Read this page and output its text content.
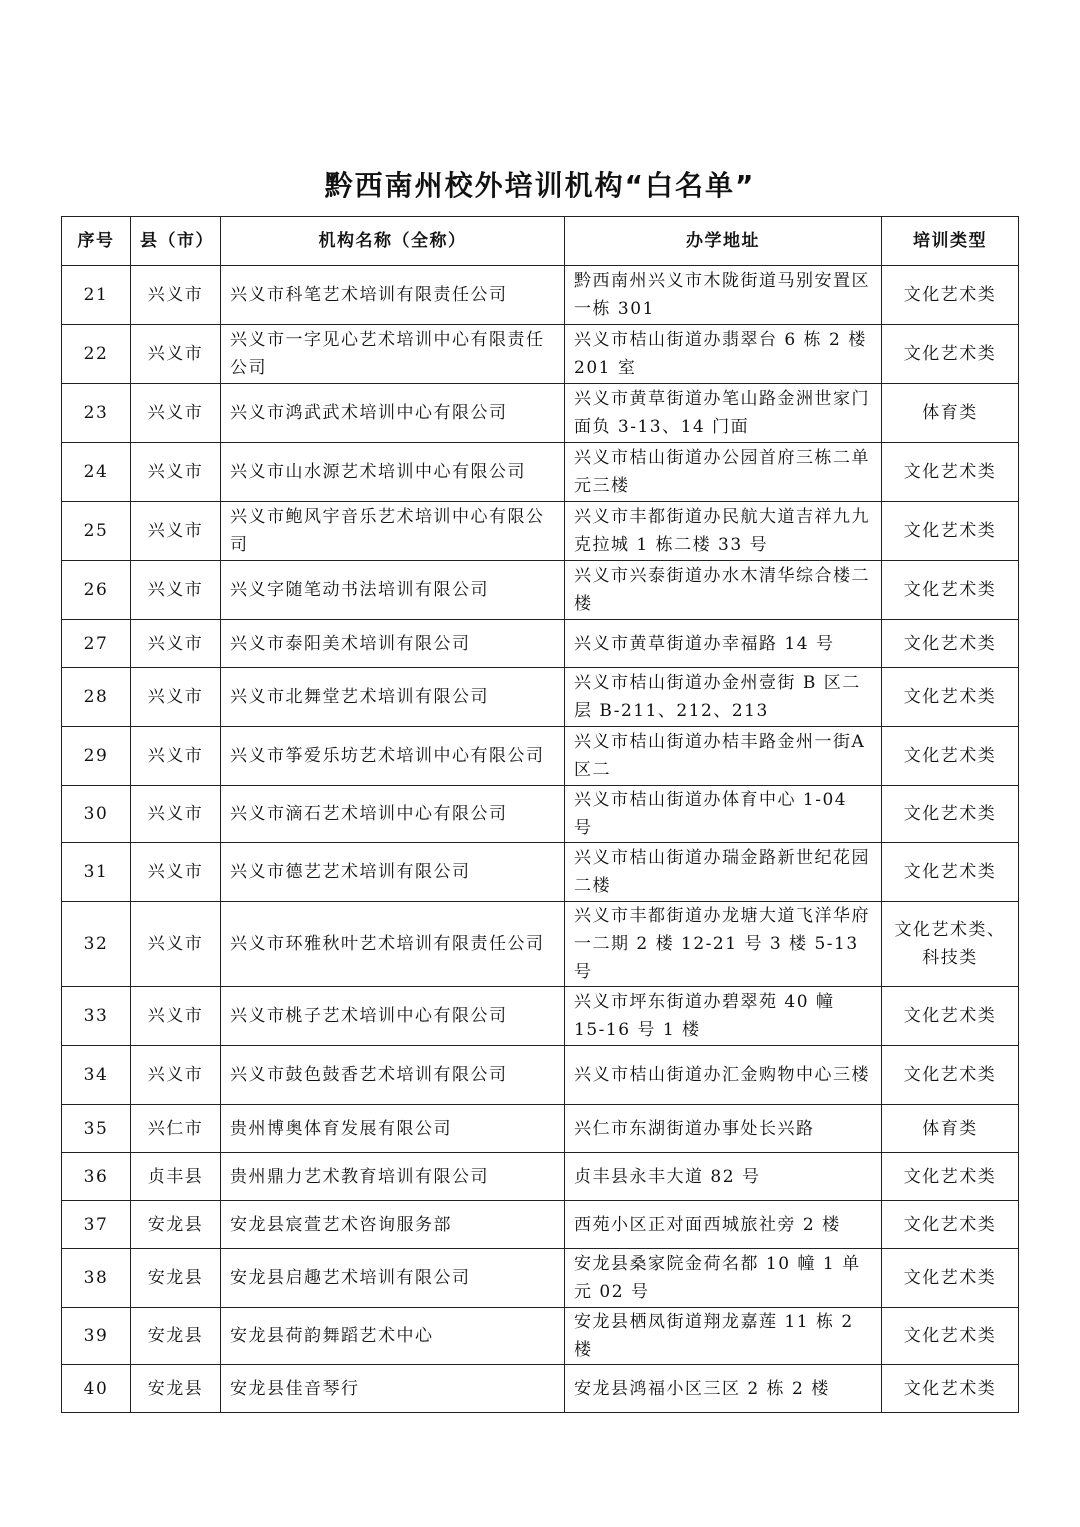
黔西南州校外培训机构“白名单”
序号	县（市）	机构名称（全称）	办学地址	培训类型
21	兴义市	兴义市科笔艺术培训有限责任公司	黔西南州兴义市木陇街道马别安置区一栋 301	文化艺术类
22	兴义市	兴义市一字见心艺术培训中心有限责任公司	兴义市桔山街道办翡翠台 6 栋 2 楼 201 室	文化艺术类
23	兴义市	兴义市鸿武武术培训中心有限公司	兴义市黄草街道办笔山路金洲世家门面负 3-13、14 门面	体育类
24	兴义市	兴义市山水源艺术培训中心有限公司	兴义市桔山街道办公园首府三栋二单元三楼	文化艺术类
25	兴义市	兴义市鲍风宇音乐艺术培训中心有限公司	兴义市丰都街道办民航大道吉祥九九克拉城 1 栋二楼 33 号	文化艺术类
26	兴义市	兴义字随笔动书法培训有限公司	兴义市兴泰街道办水木清华综合楼二楼	文化艺术类
27	兴义市	兴义市泰阳美术培训有限公司	兴义市黄草街道办幸福路 14 号	文化艺术类
28	兴义市	兴义市北舞堂艺术培训有限公司	兴义市桔山街道办金州壹街 B 区二层 B-211、212、213	文化艺术类
29	兴义市	兴义市筝爱乐坊艺术培训中心有限公司	兴义市桔山街道办桔丰路金州一街A区二	文化艺术类
30	兴义市	兴义市滴石艺术培训中心有限公司	兴义市桔山街道办体育中心 1-04 号	文化艺术类
31	兴义市	兴义市德艺艺术培训有限公司	兴义市桔山街道办瑞金路新世纪花园二楼	文化艺术类
32	兴义市	兴义市环雅秋叶艺术培训有限责任公司	兴义市丰都街道办龙塘大道飞洋华府一二期 2 楼 12-21 号 3 楼 5-13 号	文化艺术类、科技类
33	兴义市	兴义市桃子艺术培训中心有限公司	兴义市坪东街道办碧翠苑 40 幢 15-16 号 1 楼	文化艺术类
34	兴义市	兴义市鼓色鼓香艺术培训有限公司	兴义市桔山街道办汇金购物中心三楼	文化艺术类
35	兴仁市	贵州博奥体育发展有限公司	兴仁市东湖街道办事处长兴路	体育类
36	贞丰县	贵州鼎力艺术教育培训有限公司	贞丰县永丰大道 82 号	文化艺术类
37	安龙县	安龙县宸萱艺术咨询服务部	西苑小区正对面西城旅社旁 2 楼	文化艺术类
38	安龙县	安龙县启趣艺术培训有限公司	安龙县桑家院金荷名都 10 幢 1 单元 02 号	文化艺术类
39	安龙县	安龙县荷韵舞蹈艺术中心	安龙县栖凤街道翔龙嘉莲 11 栋 2 楼	文化艺术类
40	安龙县	安龙县佳音琴行	安龙县鸿福小区三区 2 栋 2 楼	文化艺术类
